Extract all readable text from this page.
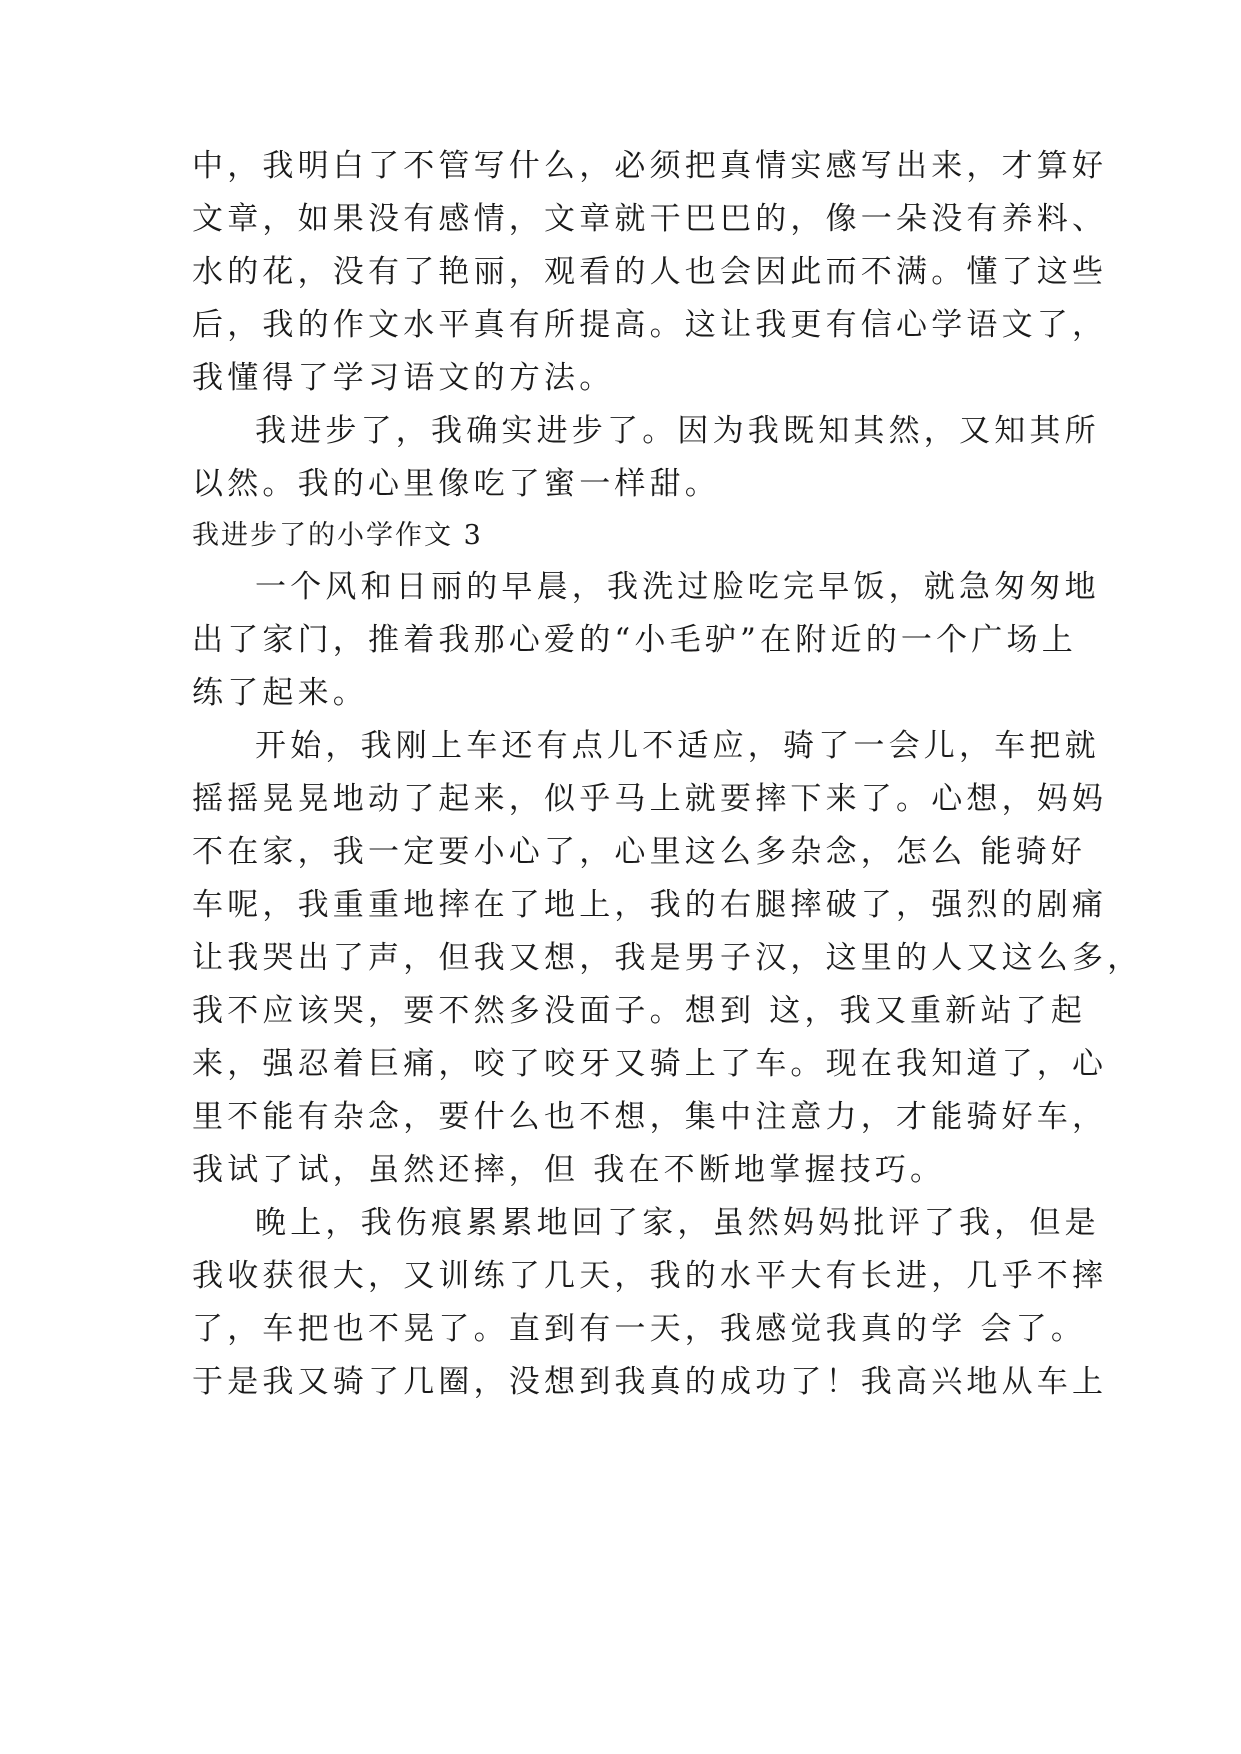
中，我明白了不管写什么，必须把真情实感写出来，才算好
文章，如果没有感情，文章就干巴巴的，像一朵没有养料、
水的花，没有了艳丽，观看的人也会因此而不满。懂了这些
后，我的作文水平真有所提高。这让我更有信心学语文了，
我懂得了学习语文的方法。
我进步了，我确实进步了。因为我既知其然，又知其所
以然。我的心里像吃了蜜一样甜。
我进步了的小学作文 3
一个风和日丽的早晨，我洗过脸吃完早饭，就急匆匆地
出了家门，推着我那心爱的“小毛驴”在附近的一个广场上
练了起来。
开始，我刚上车还有点儿不适应，骑了一会儿，车把就
摇摇晃晃地动了起来，似乎马上就要摔下来了。心想，妈妈
不在家，我一定要小心了，心里这么多杂念，怎么 能骑好
车呢，我重重地摔在了地上，我的右腿摔破了，强烈的剧痛
让我哭出了声，但我又想，我是男子汉，这里的人又这么多，
我不应该哭，要不然多没面子。想到 这，我又重新站了起
来，强忍着巨痛，咬了咬牙又骑上了车。现在我知道了，心
里不能有杂念，要什么也不想，集中注意力，才能骑好车，
我试了试，虽然还摔，但 我在不断地掌握技巧。
晚上，我伤痕累累地回了家，虽然妈妈批评了我，但是
我收获很大，又训练了几天，我的水平大有长进，几乎不摔
了，车把也不晃了。直到有一天，我感觉我真的学 会了。
于是我又骑了几圈，没想到我真的成功了！我高兴地从车上
